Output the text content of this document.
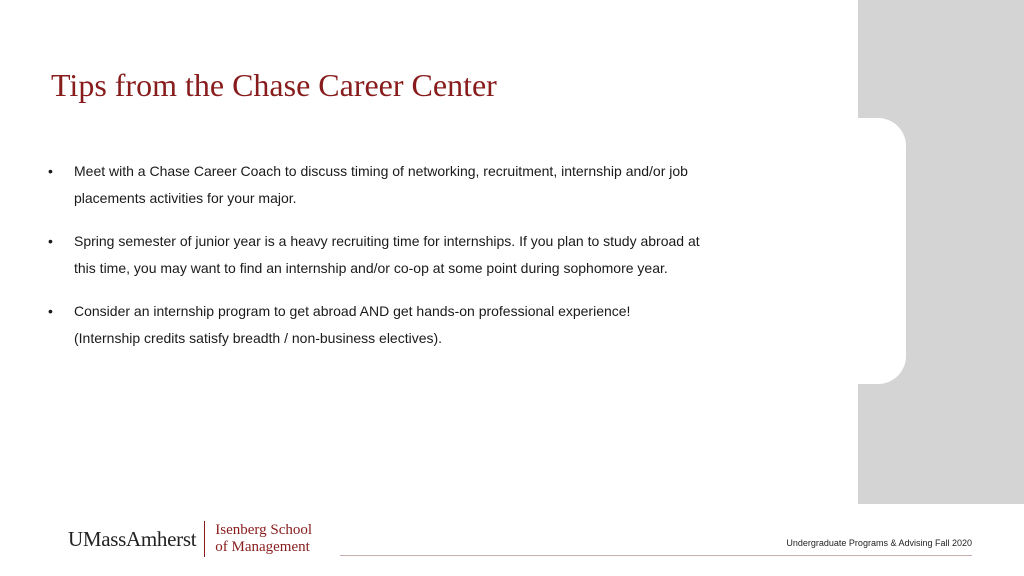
Tips from the Chase Career Center
•	Meet with a Chase Career Coach to discuss timing of networking, recruitment, internship and/or job
placements activities for your major.
•	Spring semester of junior year is a heavy recruiting time for internships. If you plan to study abroad at
this time, you may want to find an internship and/or co-op at some point during sophomore year.
•	Consider an internship program to get abroad AND get hands-on professional experience!
(Internship credits satisfy breadth / non-business electives).
UMassAmherst Isenberg School
of Management	Undergraduate Programs & Advising Fall 2020
